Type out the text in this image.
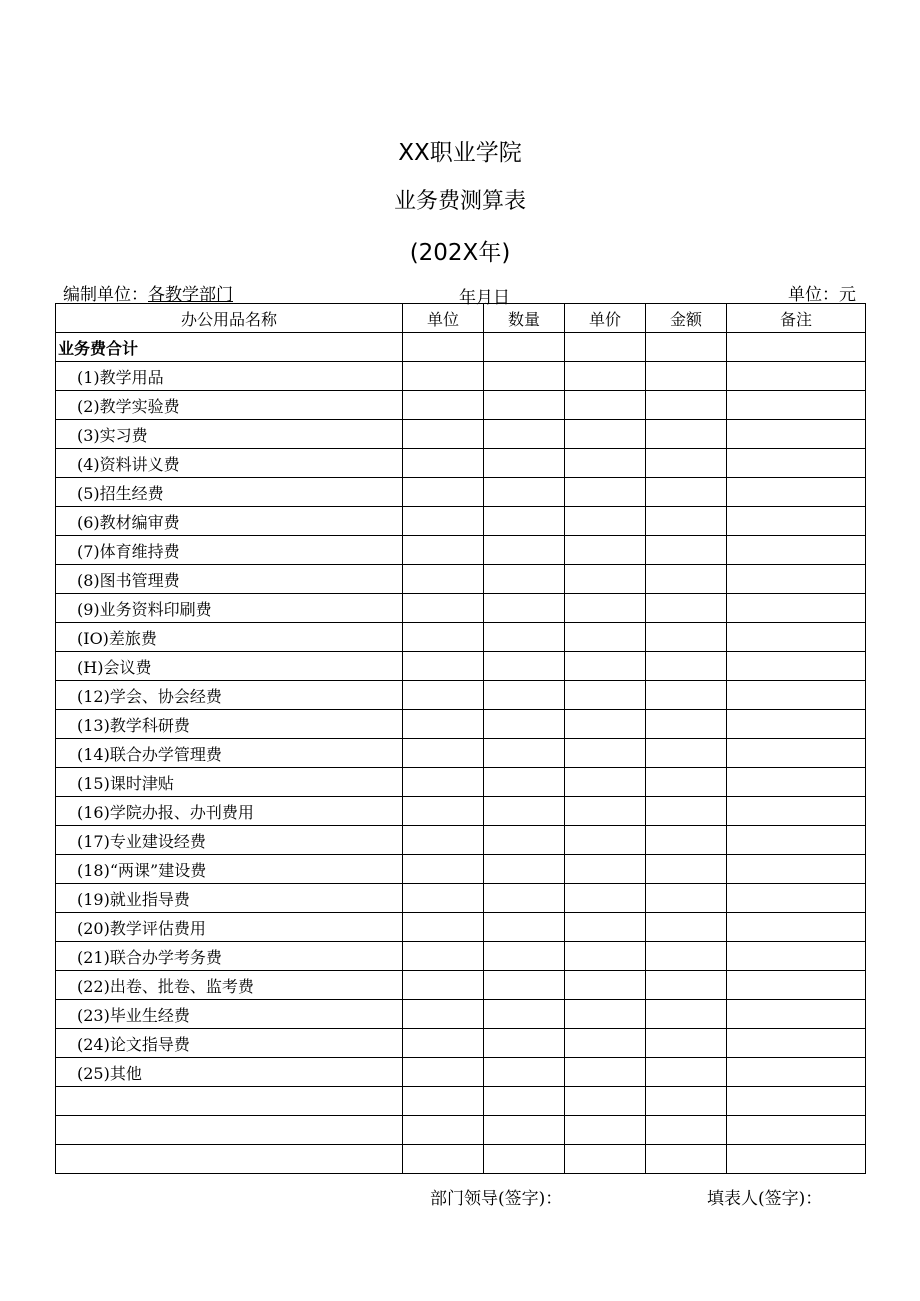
XX职业学院
业务费测算表
(202X年)
编制单位：各教学部门	年月日	单位：元
办公用品名称	单位	数量	单价	金额	备注
业务费合计					
(1)教学用品					
(2)教学实验费					
(3)实习费					
(4)资料讲义费					
(5)招生经费					
(6)教材编审费					
(7)体育维持费					
(8)图书管理费					
(9)业务资料印刷费					
(IO)差旅费					
(H)会议费					
(12)学会、协会经费					
(13)教学科研费					
(14)联合办学管理费					
(15)课时津贴					
(16)学院办报、办刊费用					
(17)专业建设经费					
(18)“两课”建设费					
(19)就业指导费					
(20)教学评估费用					
(21)联合办学考务费					
(22)出卷、批卷、监考费					
(23)毕业生经费					
(24)论文指导费					
(25)其他					

部门领导(签字)：	填表人(签字)：
